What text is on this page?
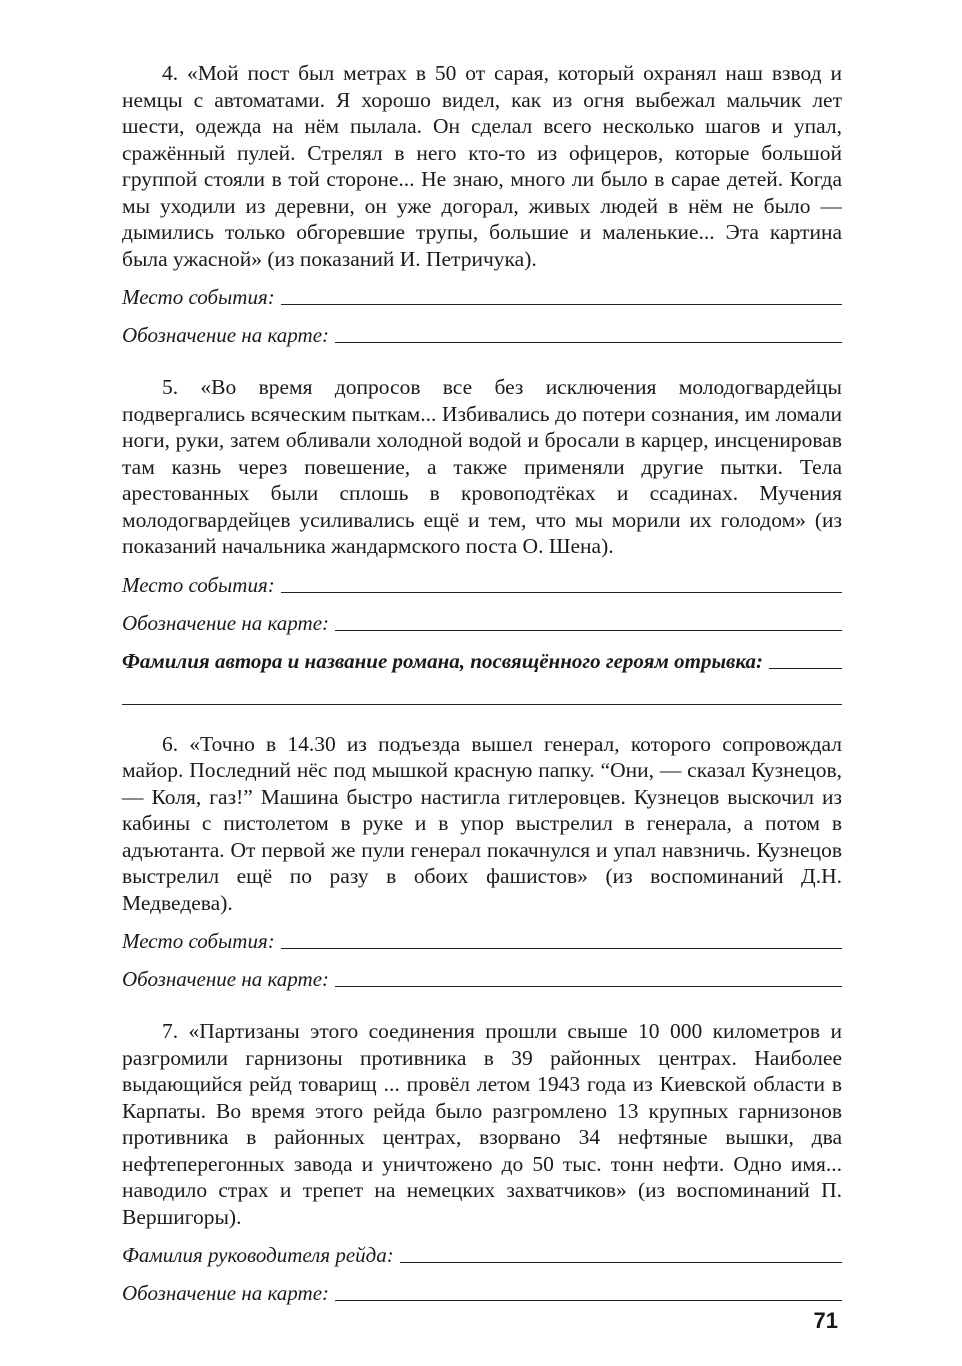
4. «Мой пост был метрах в 50 от сарая, который охранял наш взвод и немцы с автоматами. Я хорошо видел, как из огня выбежал мальчик лет шести, одежда на нём пылала. Он сделал всего несколько шагов и упал, сражённый пулей. Стрелял в него кто-то из офицеров, которые большой группой стояли в той стороне... Не знаю, много ли было в сарае детей. Когда мы уходили из деревни, он уже догорал, живых людей в нём не было — дымились только обгоревшие трупы, большие и маленькие... Эта картина была ужасной» (из показаний И. Петричука).

Место события:
Обозначение на карте:

5. «Во время допросов все без исключения молодогвардейцы подвергались всяческим пыткам... Избивались до потери сознания, им ломали ноги, руки, затем обливали холодной водой и бросали в карцер, инсценировав там казнь через повешение, а также применяли другие пытки. Тела арестованных были сплошь в кровоподтёках и ссадинах. Мучения молодогвардейцев усиливались ещё и тем, что мы морили их голодом» (из показаний начальника жандармского поста О. Шена).

Место события:
Обозначение на карте:
Фамилия автора и название романа, посвящённого героям отрывка:

6. «Точно в 14.30 из подъезда вышел генерал, которого сопровождал майор. Последний нёс под мышкой красную папку. “Они, — сказал Кузнецов, — Коля, газ!” Машина быстро настигла гитлеровцев. Кузнецов выскочил из кабины с пистолетом в руке и в упор выстрелил в генерала, а потом в адъютанта. От первой же пули генерал покачнулся и упал навзничь. Кузнецов выстрелил ещё по разу в обоих фашистов» (из воспоминаний Д.Н. Медведева).

Место события:
Обозначение на карте:

7. «Партизаны этого соединения прошли свыше 10 000 километров и разгромили гарнизоны противника в 39 районных центрах. Наиболее выдающийся рейд товарищ ... провёл летом 1943 года из Киевской области в Карпаты. Во время этого рейда было разгромлено 13 крупных гарнизонов противника в районных центрах, взорвано 34 нефтяные вышки, два нефтеперегонных завода и уничтожено до 50 тыс. тонн нефти. Одно имя... наводило страх и трепет на немецких захватчиков» (из воспоминаний П. Вершигоры).

Фамилия руководителя рейда:
Обозначение на карте:
71
